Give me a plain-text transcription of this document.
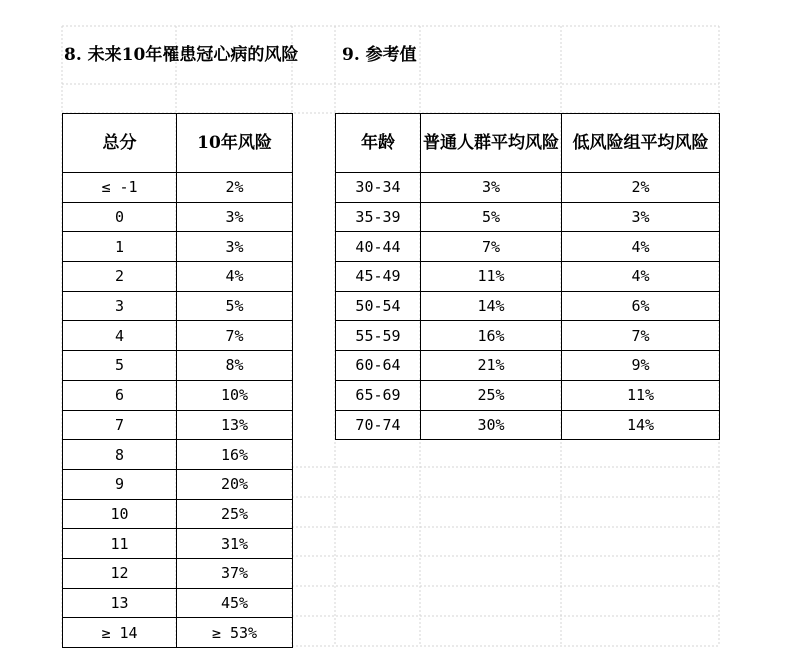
8. 未来10年罹患冠心病的风险	9. 参考值
总分	10年风险
≤ -1	2%
0	3%
1	3%
2	4%
3	5%
4	7%
5	8%
6	10%
7	13%
8	16%
9	20%
10	25%
11	31%
12	37%
13	45%
≥ 14	≥ 53%
年龄	普通人群平均风险	低风险组平均风险
30-34	3%	2%
35-39	5%	3%
40-44	7%	4%
45-49	11%	4%
50-54	14%	6%
55-59	16%	7%
60-64	21%	9%
65-69	25%	11%
70-74	30%	14%
